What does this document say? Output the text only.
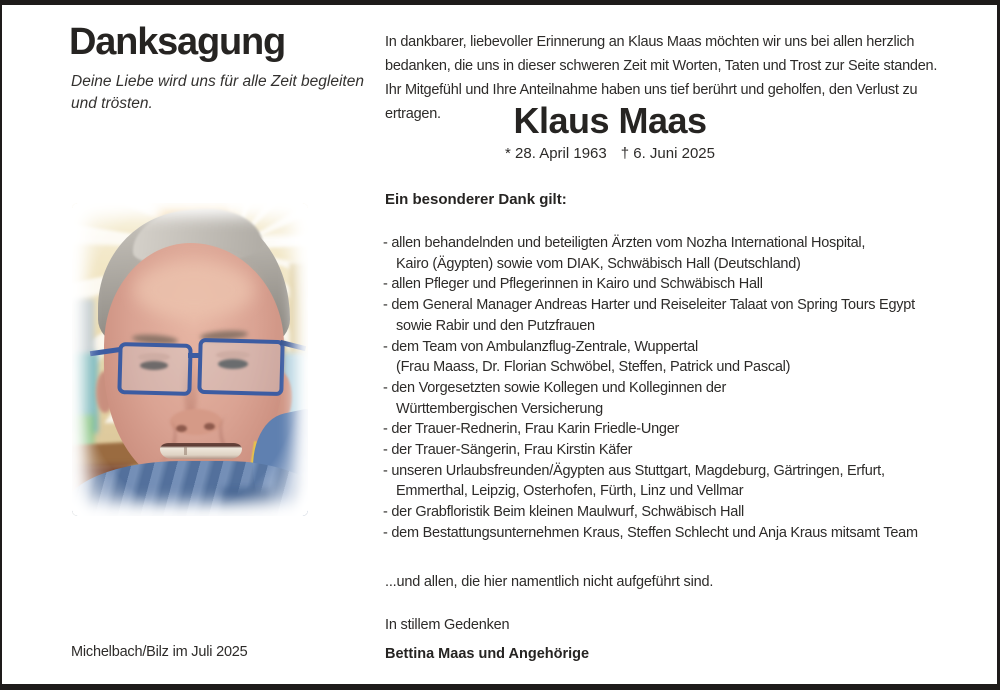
Danksagung
Deine Liebe wird uns für alle Zeit begleiten
und trösten.
Michelbach/Bilz im Juli 2025
In dankbarer, liebevoller Erinnerung an Klaus Maas möchten wir uns bei allen herzlich
bedanken, die uns in dieser schweren Zeit mit Worten, Taten und Trost zur Seite standen.
Ihr Mitgefühl und Ihre Anteilnahme haben uns tief berührt und geholfen, den Verlust zu
ertragen.	Klaus Maas
* 28. April 1963 † 6. Juni 2025
Ein besonderer Dank gilt:
- allen behandelnden und beteiligten Ärzten vom Nozha International Hospital,
Kairo (Ägypten) sowie vom DIAK, Schwäbisch Hall (Deutschland)
- allen Pfleger und Pflegerinnen in Kairo und Schwäbisch Hall
- dem General Manager Andreas Harter und Reiseleiter Talaat von Spring Tours Egypt
sowie Rabir und den Putzfrauen
- dem Team von Ambulanzflug-Zentrale, Wuppertal
(Frau Maass, Dr. Florian Schwöbel, Steffen, Patrick und Pascal)
- den Vorgesetzten sowie Kollegen und Kolleginnen der
Württembergischen Versicherung
- der Trauer-Rednerin, Frau Karin Friedle-Unger
- der Trauer-Sängerin, Frau Kirstin Käfer
- unseren Urlaubsfreunden/Ägypten aus Stuttgart, Magdeburg, Gärtringen, Erfurt,
Emmerthal, Leipzig, Osterhofen, Fürth, Linz und Vellmar
- der Grabfloristik Beim kleinen Maulwurf, Schwäbisch Hall
- dem Bestattungsunternehmen Kraus, Steffen Schlecht und Anja Kraus mitsamt Team
...und allen, die hier namentlich nicht aufgeführt sind.
In stillem Gedenken
Bettina Maas und Angehörige
